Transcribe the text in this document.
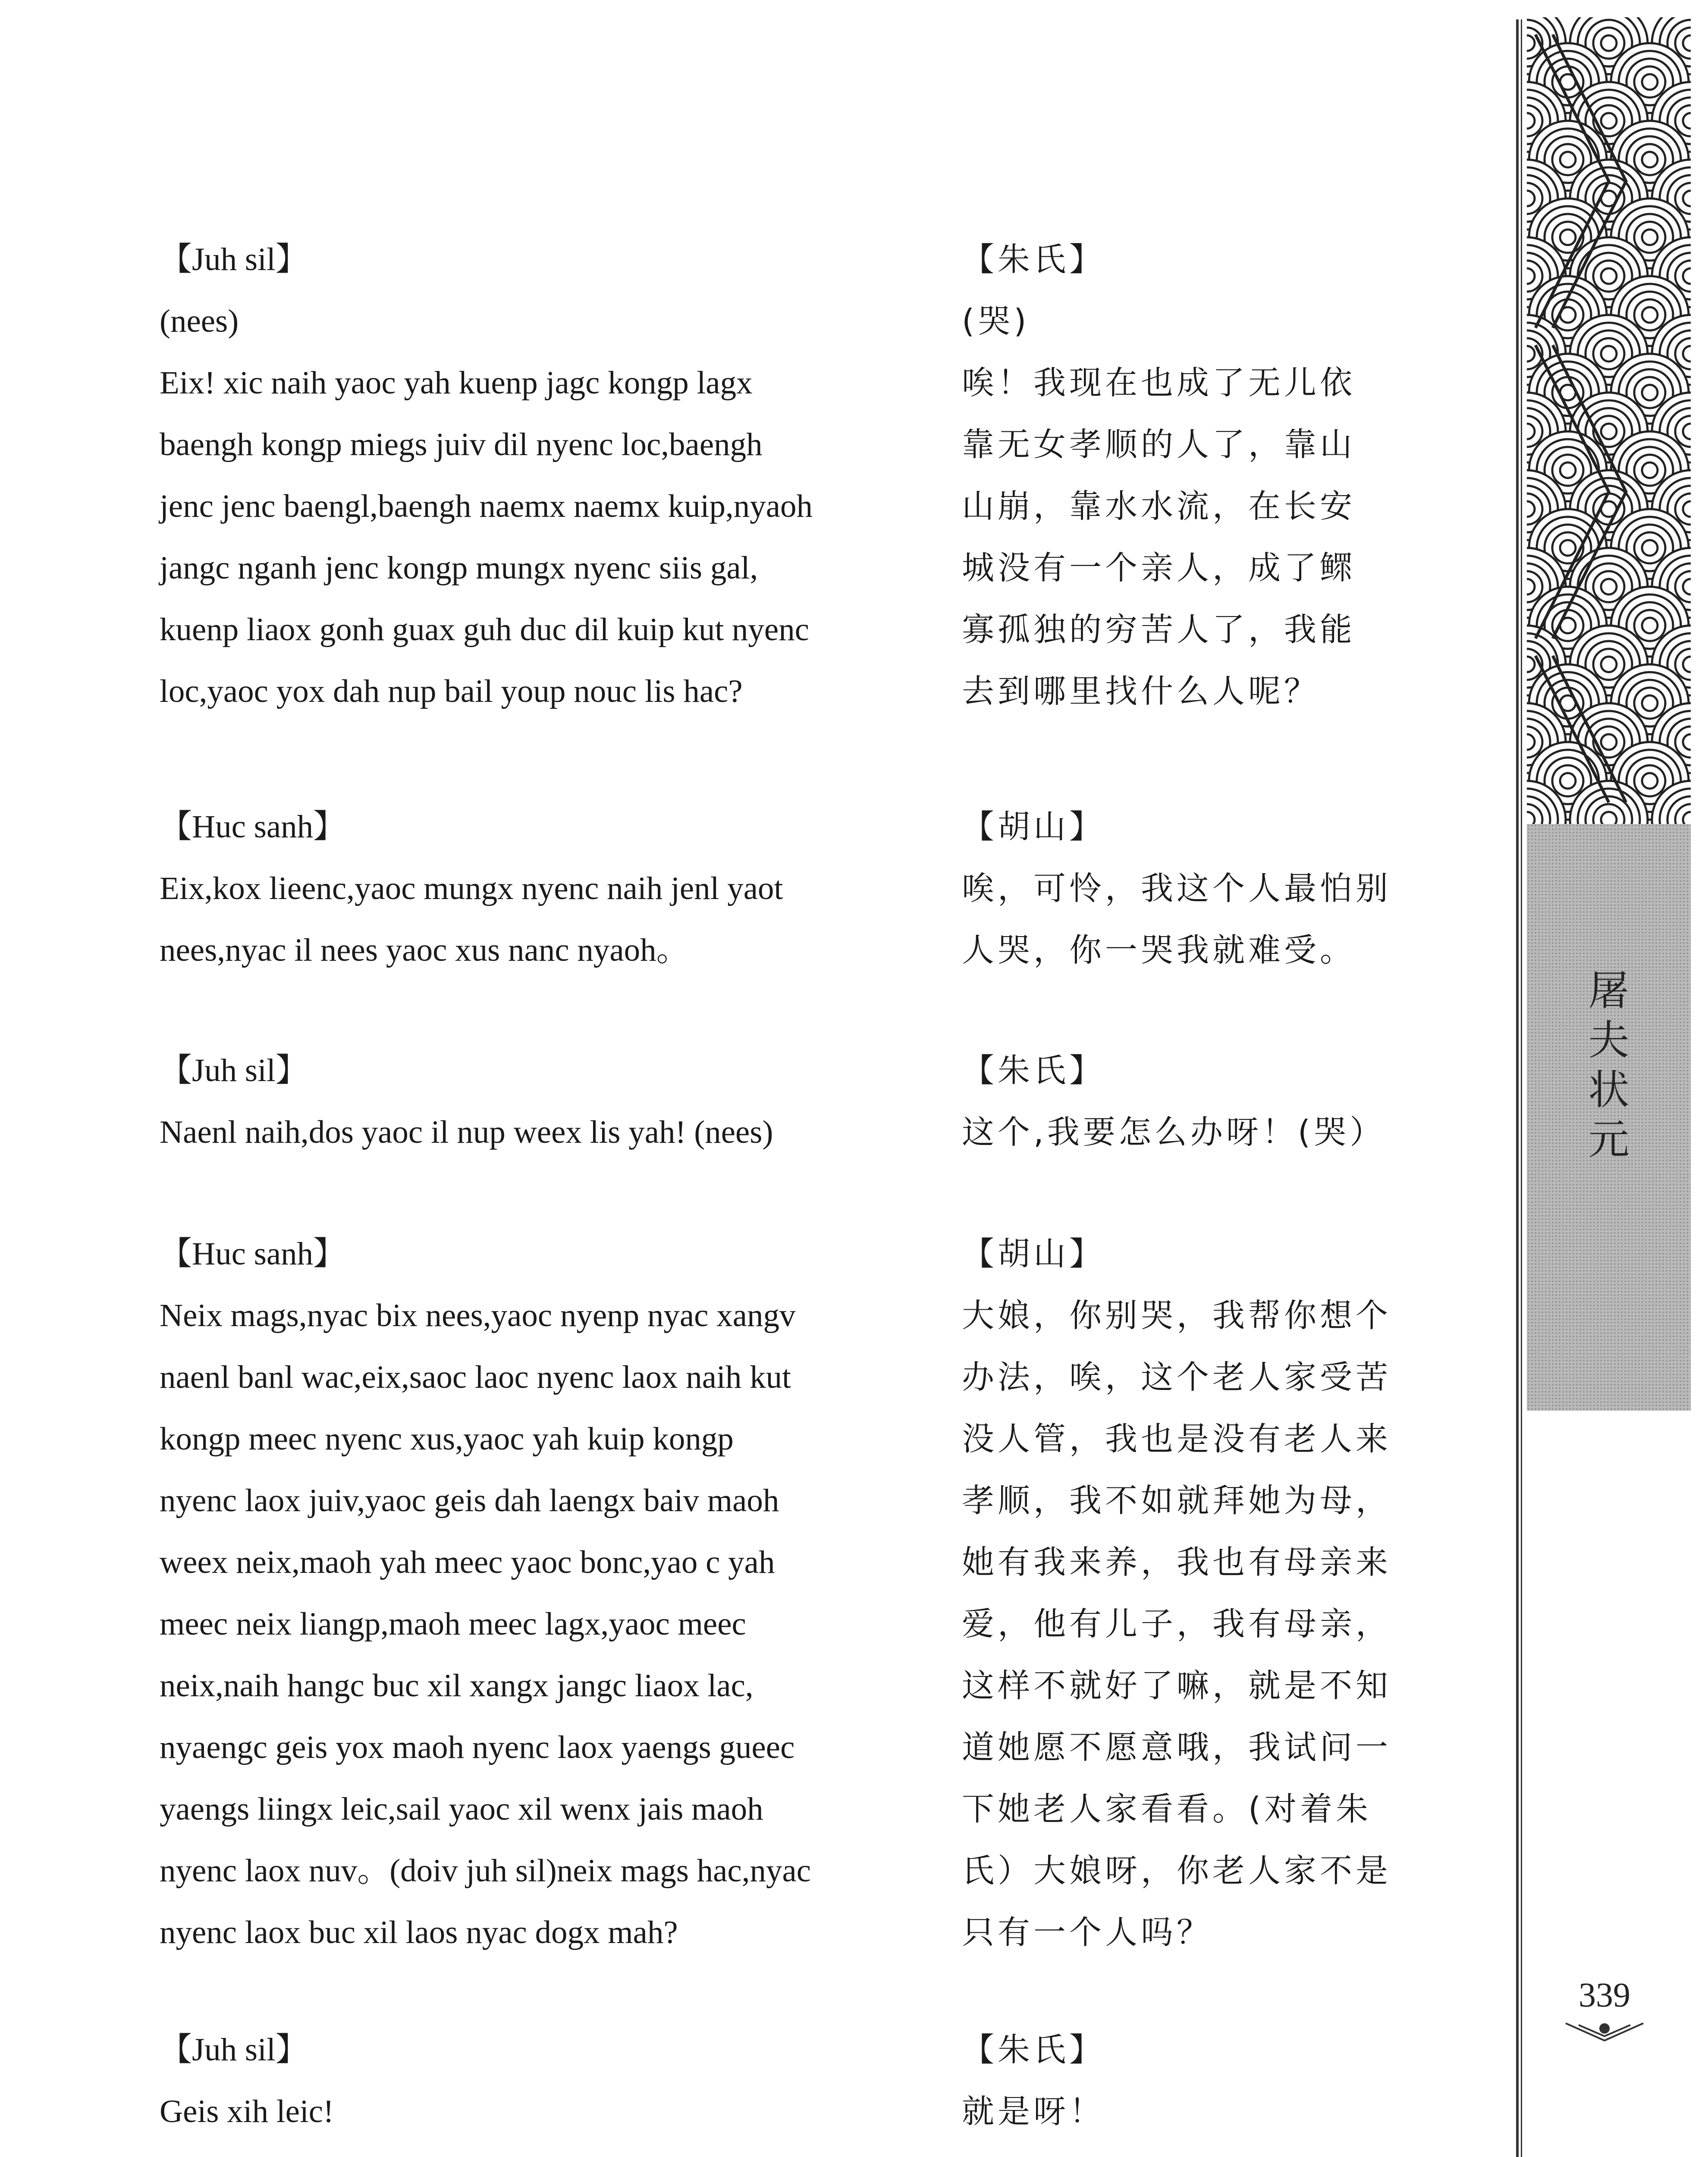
【Juh sil】
(nees)
Eix! xic naih yaoc yah kuenp jagc kongp lagx
baengh kongp miegs juiv dil nyenc loc,baengh
jenc jenc baengl,baengh naemx naemx kuip,nyaoh
jangc nganh jenc kongp mungx nyenc siis gal,
kuenp liaox gonh guax guh duc dil kuip kut nyenc
loc,yaoc yox dah nup bail youp nouc lis hac?
【Huc sanh】
Eix,kox lieenc,yaoc mungx nyenc naih jenl yaot
nees,nyac il nees yaoc xus nanc nyaoh。
【Juh sil】
Naenl naih,dos yaoc il nup weex lis yah! (nees)
【Huc sanh】
Neix mags,nyac bix nees,yaoc nyenp nyac xangv
naenl banl wac,eix,saoc laoc nyenc laox naih kut
kongp meec nyenc xus,yaoc yah kuip kongp
nyenc laox juiv,yaoc geis dah laengx baiv maoh
weex neix,maoh yah meec yaoc bonc,yao c yah
meec neix liangp,maoh meec lagx,yaoc meec
neix,naih hangc buc xil xangx jangc liaox lac,
nyaengc geis yox maoh nyenc laox yaengs gueec
yaengs liingx leic,sail yaoc xil wenx jais maoh
nyenc laox nuv。(doiv juh sil)neix mags hac,nyac
nyenc laox buc xil laos nyac dogx mah?
【Juh sil】
Geis xih leic!
【朱氏】
(哭)
唉！我现在也成了无儿依
靠无女孝顺的人了，靠山
山崩，靠水水流，在长安
城没有一个亲人，成了鳏
寡孤独的穷苦人了，我能
去到哪里找什么人呢？
【胡山】
唉，可怜，我这个人最怕别
人哭，你一哭我就难受。
【朱氏】
这个,我要怎么办呀！(哭）
【胡山】
大娘，你别哭，我帮你想个
办法，唉，这个老人家受苦
没人管，我也是没有老人来
孝顺，我不如就拜她为母，
她有我来养，我也有母亲来
爱，他有儿子，我有母亲，
这样不就好了嘛，就是不知
道她愿不愿意哦，我试问一
下她老人家看看。(对着朱
氏）大娘呀，你老人家不是
只有一个人吗？
【朱氏】
就是呀！
屠
夫
状
元
339
